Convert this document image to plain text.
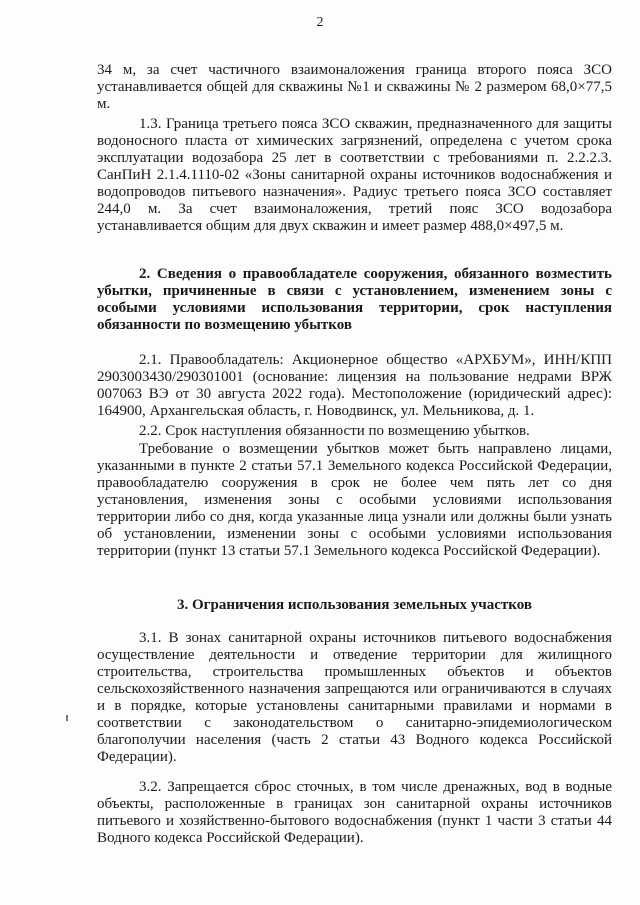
2

34 м, за счет частичного взаимоналожения граница второго пояса ЗСО устанавливается общей для скважины №1 и скважины № 2 размером 68,0×77,5 м.

1.3. Граница третьего пояса ЗСО скважин, предназначенного для защиты водоносного пласта от химических загрязнений, определена с учетом срока эксплуатации водозабора 25 лет в соответствии с требованиями п. 2.2.2.3. СанПиН 2.1.4.1110-02 «Зоны санитарной охраны источников водоснабжения и водопроводов питьевого назначения». Радиус третьего пояса ЗСО составляет 244,0 м. За счет взаимоналожения, третий пояс ЗСО водозабора устанавливается общим для двух скважин и имеет размер 488,0×497,5 м.

2. Сведения о правообладателе сооружения, обязанного возместить убытки, причиненные в связи с установлением, изменением зоны с особыми условиями использования территории, срок наступления обязанности по возмещению убытков

2.1. Правообладатель: Акционерное общество «АРХБУМ», ИНН/КПП 2903003430/290301001 (основание: лицензия на пользование недрами ВРЖ 007063 ВЭ от 30 августа 2022 года). Местоположение (юридический адрес): 164900, Архангельская область, г. Новодвинск, ул. Мельникова, д. 1.

2.2. Срок наступления обязанности по возмещению убытков.

Требование о возмещении убытков может быть направлено лицами, указанными в пункте 2 статьи 57.1 Земельного кодекса Российской Федерации, правообладателю сооружения в срок не более чем пять лет со дня установления, изменения зоны с особыми условиями использования территории либо со дня, когда указанные лица узнали или должны были узнать об установлении, изменении зоны с особыми условиями использования территории (пункт 13 статьи 57.1 Земельного кодекса Российской Федерации).

3. Ограничения использования земельных участков

3.1. В зонах санитарной охраны источников питьевого водоснабжения осуществление деятельности и отведение территории для жилищного строительства, строительства промышленных объектов и объектов сельскохозяйственного назначения запрещаются или ограничиваются в случаях и в порядке, которые установлены санитарными правилами и нормами в соответствии с законодательством о санитарно-эпидемиологическом благополучии населения (часть 2 статьи 43 Водного кодекса Российской Федерации).

3.2. Запрещается сброс сточных, в том числе дренажных, вод в водные объекты, расположенные в границах зон санитарной охраны источников питьевого и хозяйственно-бытового водоснабжения (пункт 1 части 3 статьи 44 Водного кодекса Российской Федерации).
